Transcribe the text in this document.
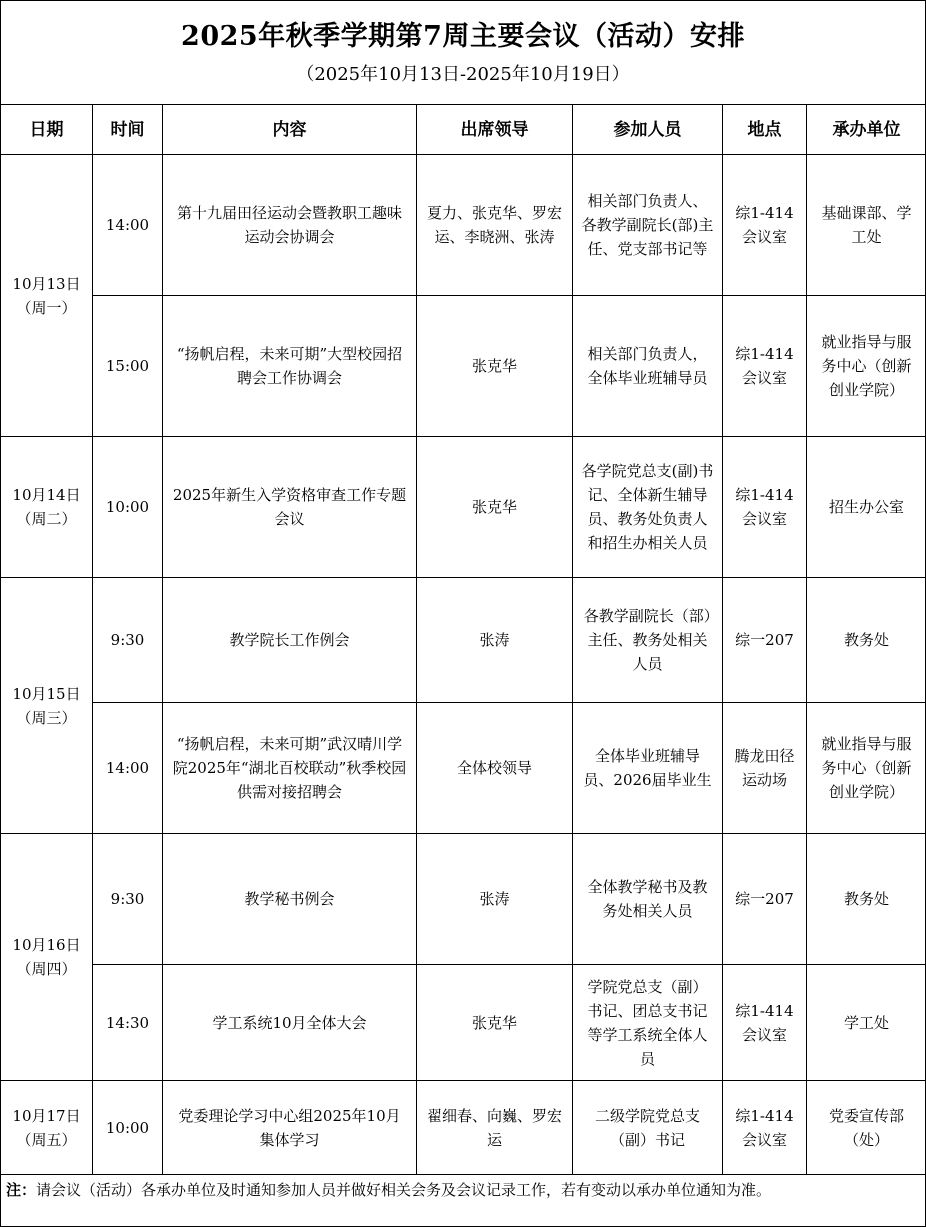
2025年秋季学期第7周主要会议（活动）安排
（2025年10月13日-2025年10月19日）
日期	时间	内容	出席领导	参加人员	地点	承办单位

10月13日
（周一）	14:00	第十九届田径运动会暨教职工趣味运动会协调会	夏力、张克华、罗宏运、李晓洲、张涛	相关部门负责人、各教学副院长(部)主任、党支部书记等	综1-414会议室	基础课部、学工处
	15:00	“扬帆启程，未来可期”大型校园招聘会工作协调会	张克华	相关部门负责人，全体毕业班辅导员	综1-414会议室	就业指导与服务中心（创新创业学院）

10月14日
（周二）	10:00	2025年新生入学资格审查工作专题会议	张克华	各学院党总支(副)书记、全体新生辅导员、教务处负责人和招生办相关人员	综1-414会议室	招生办公室

10月15日
（周三）	9:30	教学院长工作例会	张涛	各教学副院长（部）主任、教务处相关人员	综一207	教务处
	14:00	“扬帆启程，未来可期”武汉晴川学院2025年“湖北百校联动”秋季校园供需对接招聘会	全体校领导	全体毕业班辅导员、2026届毕业生	腾龙田径运动场	就业指导与服务中心（创新创业学院）

10月16日
（周四）	9:30	教学秘书例会	张涛	全体教学秘书及教务处相关人员	综一207	教务处
	14:30	学工系统10月全体大会	张克华	学院党总支（副）书记、团总支书记等学工系统全体人员	综1-414会议室	学工处

10月17日
（周五）	10:00	党委理论学习中心组2025年10月集体学习	翟细春、向巍、罗宏运	二级学院党总支（副）书记	综1-414会议室	党委宣传部（处）
注：请会议（活动）各承办单位及时通知参加人员并做好相关会务及会议记录工作，若有变动以承办单位通知为准。
